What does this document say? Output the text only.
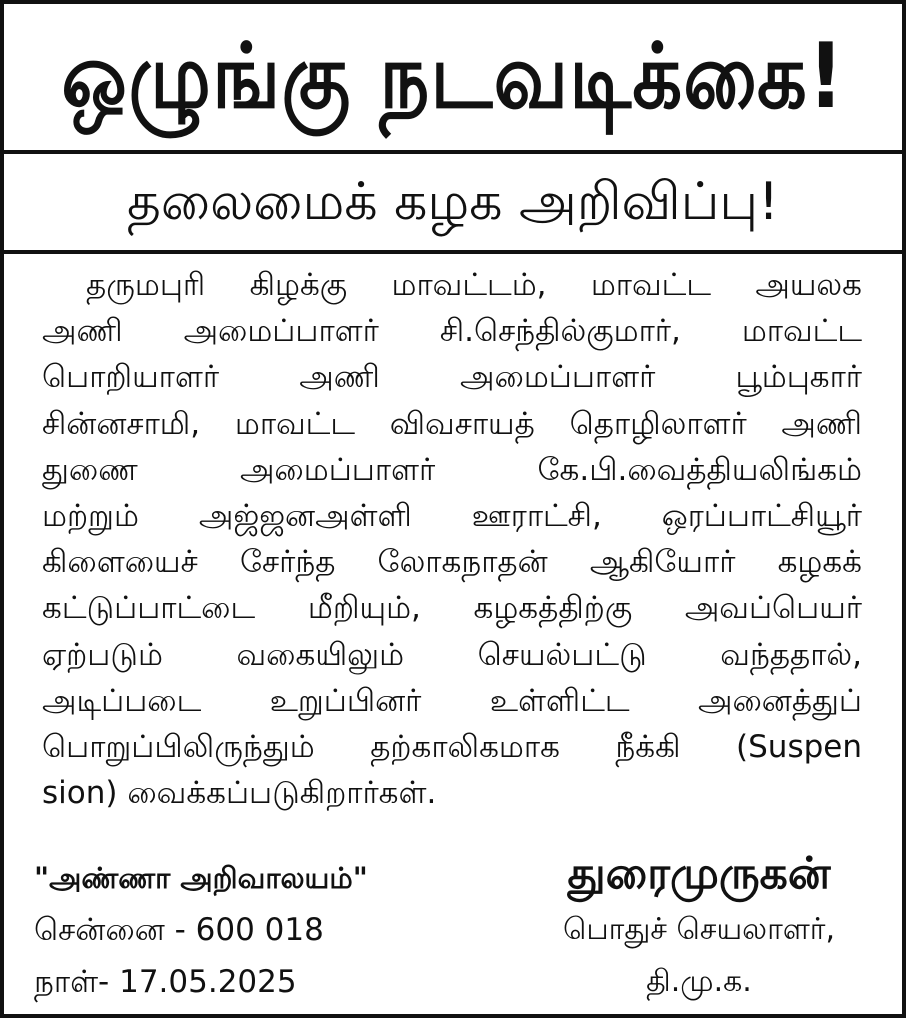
ஒழுங்கு நடவடிக்கை!
தலைமைக் கழக அறிவிப்பு!
தருமபுரி கிழக்கு மாவட்டம், மாவட்ட அயலக
அணி அமைப்பாளர் சி.செந்தில்குமார், மாவட்ட
பொறியாளர் அணி அமைப்பாளர் பூம்புகார்
சின்னசாமி, மாவட்ட விவசாயத் தொழிலாளர் அணி
துணை அமைப்பாளர் கே.பி.வைத்தியலிங்கம்
மற்றும் அஜ்ஜனஅள்ளி ஊராட்சி, ஒரப்பாட்சியூர்
கிளையைச் சேர்ந்த லோகநாதன் ஆகியோர் கழகக்
கட்டுப்பாட்டை மீறியும், கழகத்திற்கு அவப்பெயர்
ஏற்படும் வகையிலும் செயல்பட்டு வந்ததால்,
அடிப்படை உறுப்பினர் உள்ளிட்ட அனைத்துப்
பொறுப்பிலிருந்தும் தற்காலிகமாக நீக்கி (Suspen
sion) வைக்கப்படுகிறார்கள்.
"அண்ணா அறிவாலயம்"
சென்னை - 600 018
நாள்- 17.05.2025
துரைமுருகன்
பொதுச் செயலாளர்,
தி.மு.க.
